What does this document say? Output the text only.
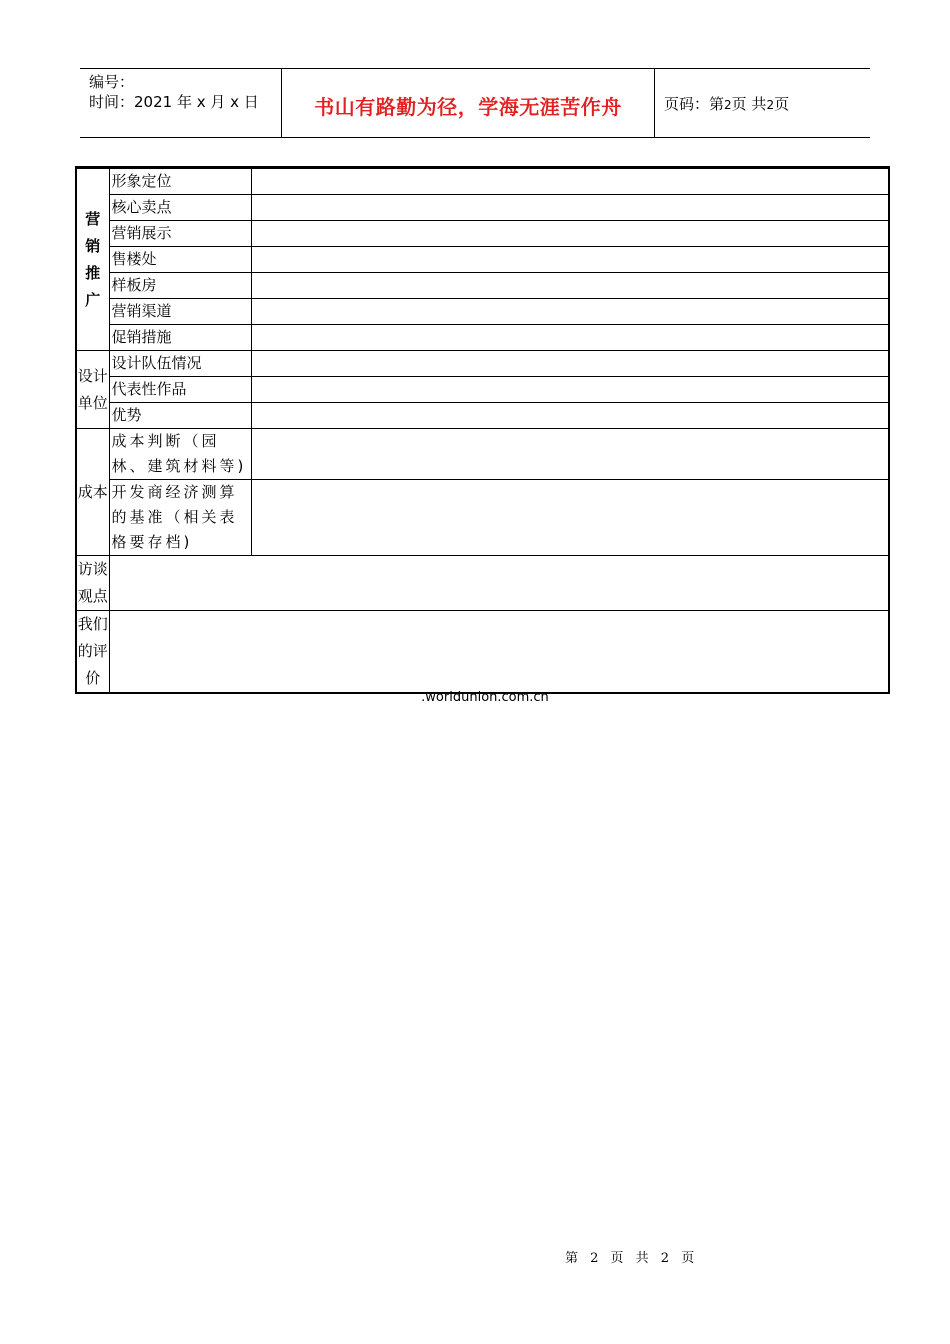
编号：
时间：2021 年 x 月 x 日	书山有路勤为径，学海无涯苦作舟	页码：第2页 共2页
营销推广	形象定位	
	核心卖点	
	营销展示	
	售楼处	
	样板房	
	营销渠道	
	促销措施	
设计单位	设计队伍情况	
	代表性作品	
	优势	
成本	成本判断（园林、建筑材料等)	
	开发商经济测算的基准（相关表格要存档)	
访谈观点		
我们的评价		
.worldunion.com.cn
第 2 页 共 2 页
